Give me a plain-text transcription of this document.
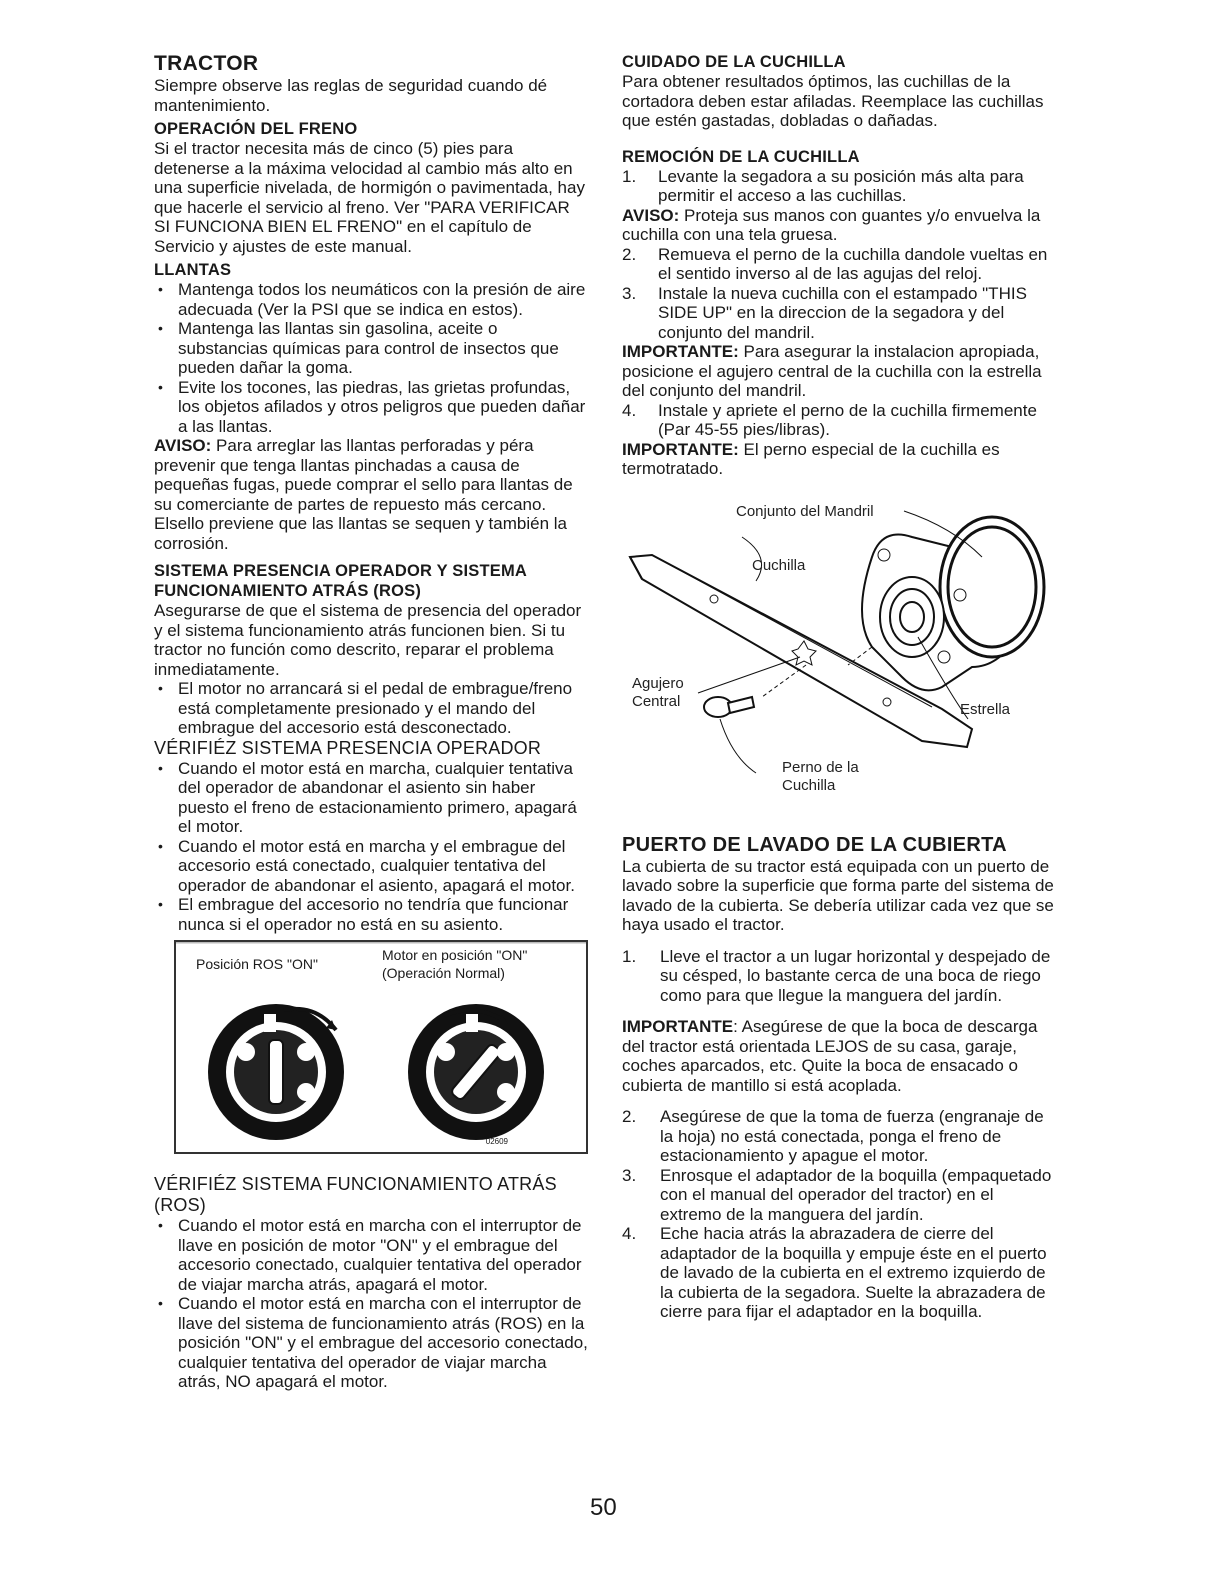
TRACTOR

Siempre observe las reglas de seguridad cuando dé mantenimiento.

OPERACIÓN DEL FRENO

Si el tractor necesita más de cinco (5) pies para detenerse a la máxima velocidad al cambio más alto en una superficie nivelada, de hormigón o pavimentada, hay que hacerle el servicio al freno. Ver "PARA VERIFICAR SI FUNCIONA BIEN EL FRENO" en el capítulo de Servicio y ajustes de este manual.

LLANTAS

• Mantenga todos los neumáticos con la presión de aire adecuada (Ver la PSI que se indica en estos).
• Mantenga las llantas sin gasolina, aceite o substancias químicas para control de insectos que pueden dañar la goma.
• Evite los tocones, las piedras, las grietas profundas, los objetos afilados y otros peligros que pueden dañar a las llantas.

AVISO: Para arreglar las llantas perforadas y péra prevenir que tenga llantas pinchadas a causa de pequeñas fugas, puede comprar el sello para llantas de su comerciante de partes de repuesto más cercano. Elsello previene que las llantas se sequen y también la corrosión.

SISTEMA PRESENCIA OPERADOR Y SISTEMA

FUNCIONAMIENTO ATRÁS (ROS)

Asegurarse de que el sistema de presencia del operador y el sistema funcionamiento atrás funcionen bien. Si tu tractor no función como descrito, reparar el problema inmediatamente.

• El motor no arrancará si el pedal de embrague/freno está completamente presionado y el mando del embrague del accesorio está desconectado.

VÉRIFIÉZ SISTEMA PRESENCIA OPERADOR

• Cuando el motor está en marcha, cualquier tentativa del operador de abandonar el asiento sin haber puesto el freno de estacionamiento primero, apagará el motor.
• Cuando el motor está en marcha y el embrague del accesorio está conectado, cualquier tentativa del operador de abandonar el asiento, apagará el motor.
• El embrague del accesorio no tendría que funcionar nunca si el operador no está en su asiento.
Posición ROS "ON"
Motor en posición "ON"
(Operación Normal)
02609

VÉRIFIÉZ SISTEMA FUNCIONAMIENTO ATRÁS

(ROS)

• Cuando el motor está en marcha con el interruptor de llave en posición de motor "ON" y el embrague del accesorio conectado, cualquier tentativa del operador de viajar marcha atrás, apagará el motor.
• Cuando el motor está en marcha con el interruptor de llave del sistema de funcionamiento atrás (ROS) en la posición "ON" y el embrague del accesorio conectado, cualquier tentativa del operador de viajar marcha atrás, NO apagará el motor.

CUIDADO DE LA CUCHILLA

Para obtener resultados óptimos, las cuchillas de la cortadora deben estar afiladas. Reemplace las cuchillas que estén gastadas, dobladas o dañadas.

REMOCIÓN DE LA CUCHILLA

1. Levante la segadora a su posición más alta para permitir el acceso a las cuchillas.

AVISO: Proteja sus manos con guantes y/o envuelva la cuchilla con una tela gruesa.

2. Remueva el perno de la cuchilla dandole vueltas en el sentido inverso al de las agujas del reloj.
3. Instale la nueva cuchilla con el estampado "THIS SIDE UP" en la direccion de la segadora y del conjunto del mandril.

IMPORTANTE: Para asegurar la instalacion apropiada, posicione el agujero central de la cuchilla con la estrella del conjunto del mandril.

4. Instale y apriete el perno de la cuchilla firmemente (Par 45-55 pies/libras).

IMPORTANTE: El perno especial de la cuchilla es termotratado.

Conjunto del Mandril
Cuchilla
Agujero
Central	Estrella
Perno de la
Cuchilla

PUERTO DE LAVADO DE LA CUBIERTA

La cubierta de su tractor está equipada con un puerto de lavado sobre la superficie que forma parte del sistema de lavado de la cubierta. Se debería utilizar cada vez que se haya usado el tractor.

1. Lleve el tractor a un lugar horizontal y despejado de su césped, lo bastante cerca de una boca de riego como para que llegue la manguera del jardín.

IMPORTANTE: Asegúrese de que la boca de descarga del tractor está orientada LEJOS de su casa, garaje, coches aparcados, etc. Quite la boca de ensacado o cubierta de mantillo si está acoplada.

2. Asegúrese de que la toma de fuerza (engranaje de la hoja) no está conectada, ponga el freno de estacionamiento y apague el motor.
3. Enrosque el adaptador de la boquilla (empaquetado con el manual del operador del tractor) en el extremo de la manguera del jardín.
4. Eche hacia atrás la abrazadera de cierre del adaptador de la boquilla y empuje éste en el puerto de lavado de la cubierta en el extremo izquierdo de la cubierta de la segadora. Suelte la abrazadera de cierre para fijar el adaptador en la boquilla.
50
